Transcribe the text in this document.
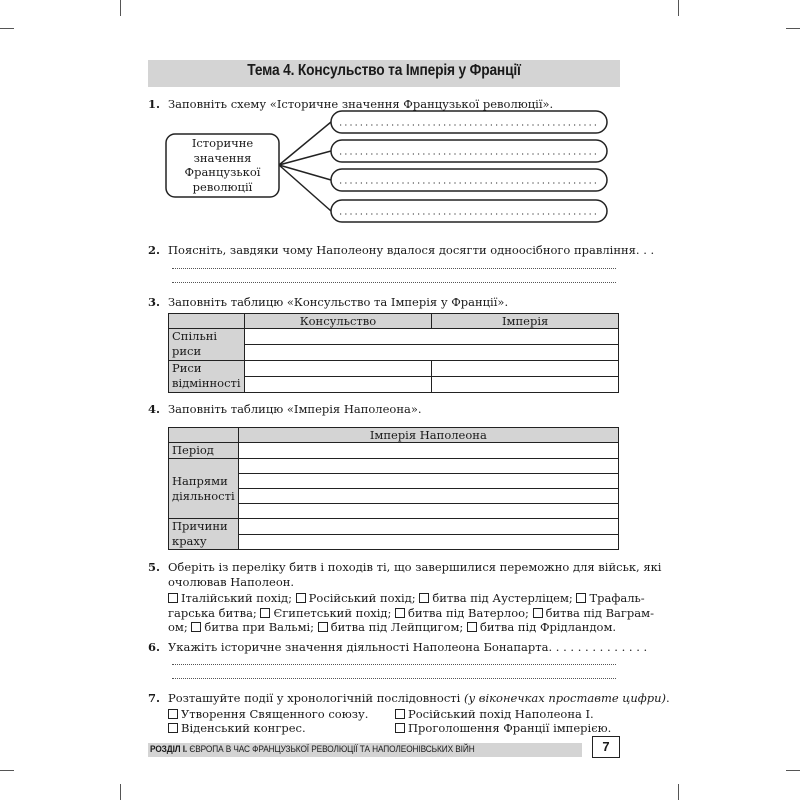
Тема 4. Консульство та Імперія у Франції
1. Заповніть схему «Історичне значення Французької революції».
Історичне
значення
Французької
революції
2. Поясніть, завдяки чому Наполеону вдалося досягти одноосібного правління. . .
3. Заповніть таблицю «Консульство та Імперія у Франції».
	Консульство	Імперія
Спільні риси		

Риси відмінності		

4. Заповніть таблицю «Імперія Наполеона».
	Імперія Наполеона
Період	
Напрями діяльності	

Причини краху	

5. Оберіть із переліку битв і походів ті, що завершилися переможно для військ, які
очолював Наполеон.
Італійський похід; Російський похід; битва під Аустерліцем; Трафаль-
гарська битва; Єгипетський похід; битва під Ватерлоо; битва під Ваграм-
ом; битва при Вальмі; битва під Лейпцигом; битва під Фрідландом.
6. Укажіть історичне значення діяльності Наполеона Бонапарта. . . . . . . . . . . . . .
7. Розташуйте події у хронологічній послідовності (у віконечках проставте цифри).
Утворення Священного союзу.	Російський похід Наполеона I.
Віденський конгрес.	Проголошення Франції імперією.
РОЗДІЛ І. ЄВРОПА В ЧАС ФРАНЦУЗЬКОЇ РЕВОЛЮЦІЇ ТА НАПОЛЕОНІВСЬКИХ ВІЙН	7
